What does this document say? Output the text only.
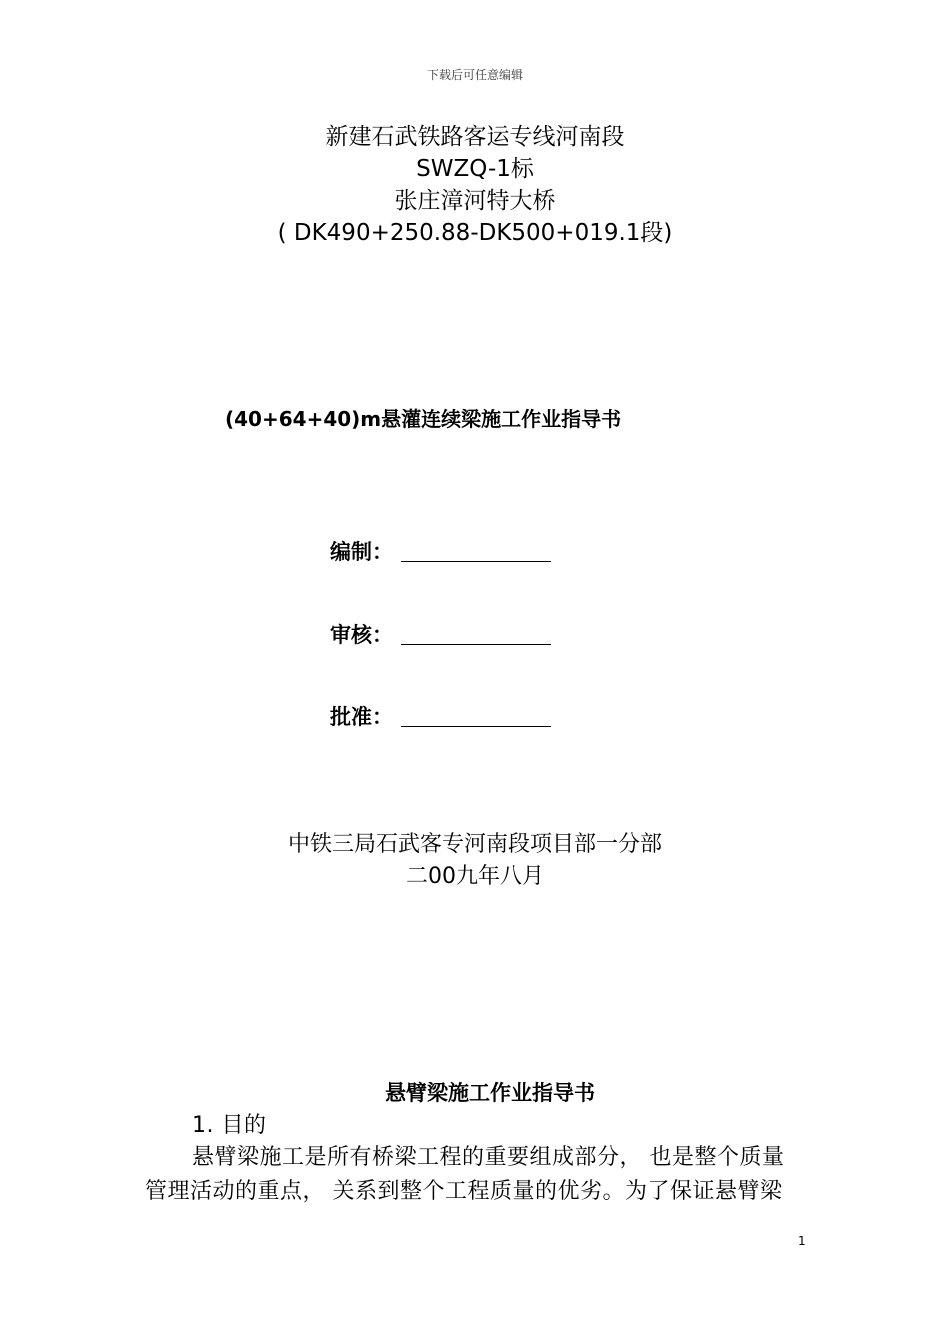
下载后可任意编辑
新建石武铁路客运专线河南段
SWZQ-1标
张庄漳河特大桥
( DK490+250.88-DK500+019.1段)
(40+64+40)m悬灌连续梁施工作业指导书
编制：
审核：
批准：
中铁三局石武客专河南段项目部一分部
二00九年八月
悬臂梁施工作业指导书
1. 目的
悬臂梁施工是所有桥梁工程的重要组成部分， 也是整个质量
管理活动的重点， 关系到整个工程质量的优劣。为了保证悬臂梁
1
